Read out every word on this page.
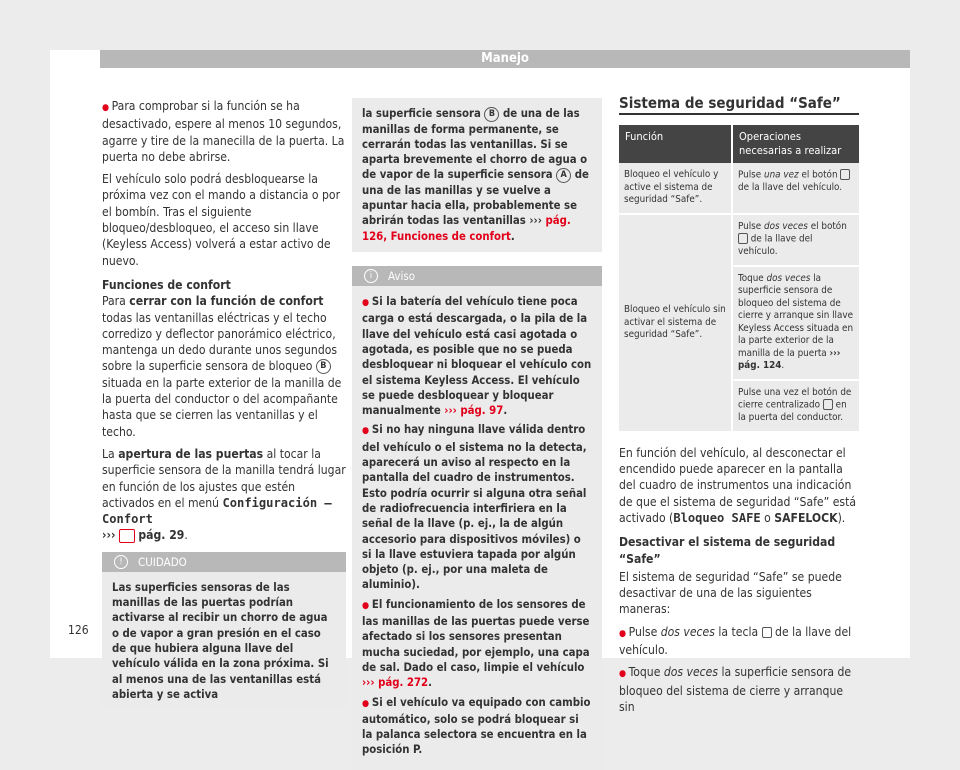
Manejo

● Para comprobar si la función se ha desactivado, espere al menos 10 segundos, agarre y tire de la manecilla de la puerta. La puerta no debe abrirse.

El vehículo solo podrá desbloquearse la próxima vez con el mando a distancia o por el bombín. Tras el siguiente bloqueo/desbloqueo, el acceso sin llave (Keyless Access) volverá a estar activo de nuevo.

Funciones de confort
Para cerrar con la función de confort todas las ventanillas eléctricas y el techo corredizo y deflector panorámico eléctrico, mantenga un dedo durante unos segundos sobre la superficie sensora de bloqueo B situada en la parte exterior de la manilla de la puerta del conductor o del acompañante hasta que se cierren las ventanillas y el techo.

La apertura de las puertas al tocar la superficie sensora de la manilla tendrá lugar en función de los ajustes que estén activados en el menú Configuración – Confort
››› pág. 29.

!	CUIDADO
Las superficies sensoras de las manillas de las puertas podrían activarse al recibir un chorro de agua o de vapor a gran presión en el caso de que hubiera alguna llave del vehículo válida en la zona próxima. Si al menos una de las ventanillas está abierta y se activa
la superficie sensora B de una de las manillas de forma permanente, se cerrarán todas las ventanillas. Si se aparta brevemente el chorro de agua o de vapor de la superficie sensora A de una de las manillas y se vuelve a apuntar hacia ella, probablemente se abrirán todas las ventanillas ››› pág. 126, Funciones de confort.
i	Aviso

● Si la batería del vehículo tiene poca carga o está descargada, o la pila de la llave del vehículo está casi agotada o agotada, es posible que no se pueda desbloquear ni bloquear el vehículo con el sistema Keyless Access. El vehículo se puede desbloquear y bloquear manualmente ››› pág. 97.

● Si no hay ninguna llave válida dentro del vehículo o el sistema no la detecta, aparecerá un aviso al respecto en la pantalla del cuadro de instrumentos. Esto podría ocurrir si alguna otra señal de radiofrecuencia interfiriera en la señal de la llave (p. ej., la de algún accesorio para dispositivos móviles) o si la llave estuviera tapada por algún objeto (p. ej., por una maleta de aluminio).

● El funcionamiento de los sensores de las manillas de las puertas puede verse afectado si los sensores presentan mucha suciedad, por ejemplo, una capa de sal. Dado el caso, limpie el vehículo ››› pág. 272.

● Si el vehículo va equipado con cambio automático, solo se podrá bloquear si la palanca selectora se encuentra en la posición P.

Sistema de seguridad “Safe”
Función	Operaciones necesarias a realizar
Bloqueo el vehículo y active el sistema de seguridad “Safe”.	Pulse una vez el botón  de la llave del vehículo.
Bloqueo el vehículo sin activar el sistema de seguridad “Safe”.	Pulse dos veces el botón  de la llave del vehículo.
	Toque dos veces la superficie sensora de bloqueo del sistema de cierre y arranque sin llave Keyless Access situada en la parte exterior de la manilla de la puerta ››› pág. 124.
	Pulse una vez el botón de cierre centralizado  en la puerta del conductor.

En función del vehículo, al desconectar el encendido puede aparecer en la pantalla del cuadro de instrumentos una indicación de que el sistema de seguridad “Safe” está activado (Bloqueo SAFE o SAFELOCK).

Desactivar el sistema de seguridad “Safe”

El sistema de seguridad “Safe” se puede desactivar de una de las siguientes maneras:

● Pulse dos veces la tecla  de la llave del vehículo.

● Toque dos veces la superficie sensora de bloqueo del sistema de cierre y arranque sin

126
